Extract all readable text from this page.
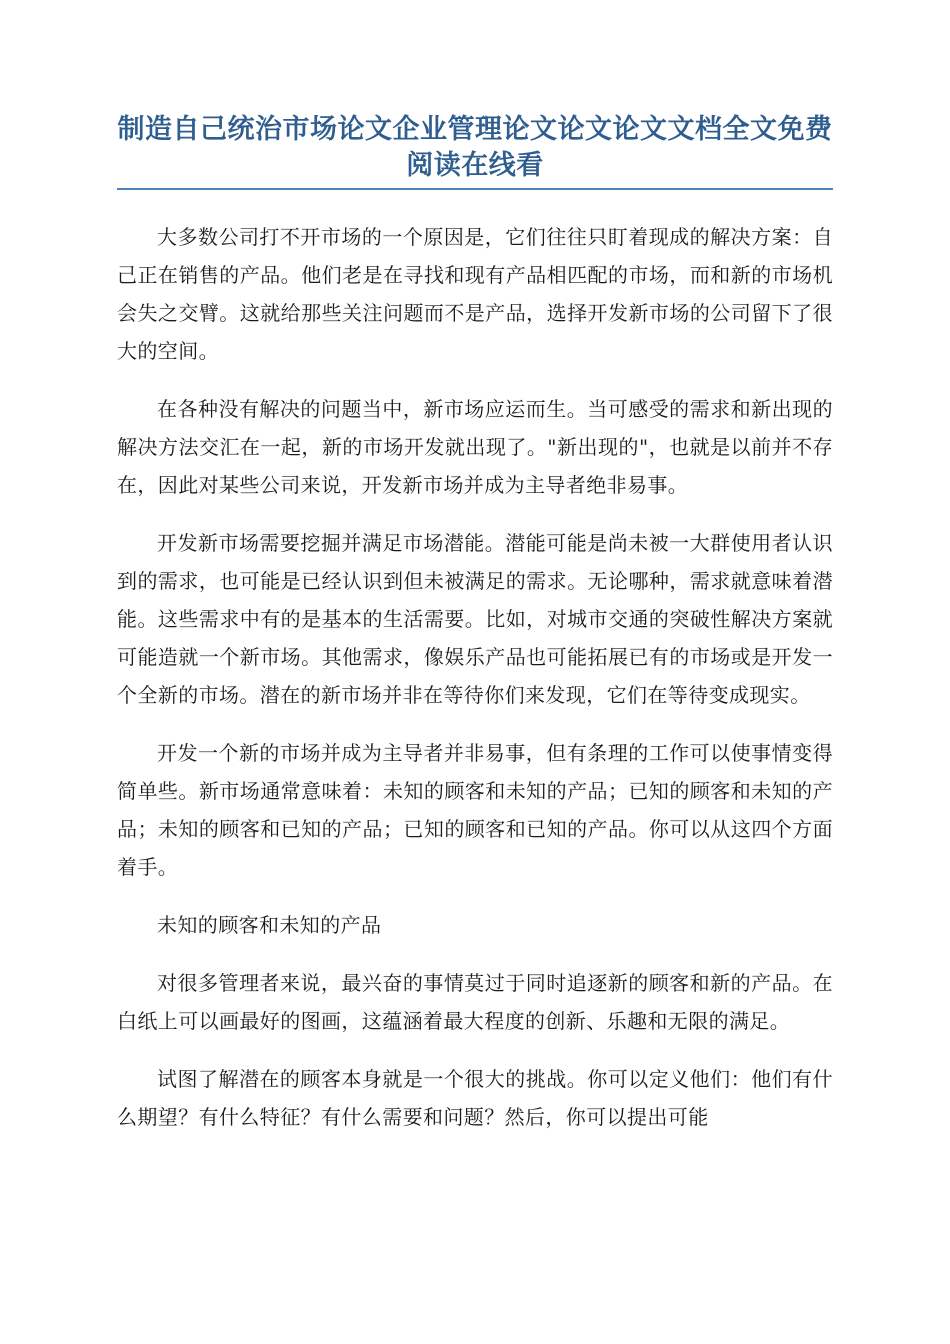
制造自己统治市场论文企业管理论文论文论文文档全文免费阅读在线看

大多数公司打不开市场的一个原因是，它们往往只盯着现成的解决方案：自己正在销售的产品。他们老是在寻找和现有产品相匹配的市场，而和新的市场机会失之交臂。这就给那些关注问题而不是产品，选择开发新市场的公司留下了很大的空间。

在各种没有解决的问题当中，新市场应运而生。当可感受的需求和新出现的解决方法交汇在一起，新的市场开发就出现了。"新出现的"，也就是以前并不存在，因此对某些公司来说，开发新市场并成为主导者绝非易事。

开发新市场需要挖掘并满足市场潜能。潜能可能是尚未被一大群使用者认识到的需求，也可能是已经认识到但未被满足的需求。无论哪种，需求就意味着潜能。这些需求中有的是基本的生活需要。比如，对城市交通的突破性解决方案就可能造就一个新市场。其他需求，像娱乐产品也可能拓展已有的市场或是开发一个全新的市场。潜在的新市场并非在等待你们来发现，它们在等待变成现实。

开发一个新的市场并成为主导者并非易事，但有条理的工作可以使事情变得简单些。新市场通常意味着：未知的顾客和未知的产品；已知的顾客和未知的产品；未知的顾客和已知的产品；已知的顾客和已知的产品。你可以从这四个方面着手。

未知的顾客和未知的产品

对很多管理者来说，最兴奋的事情莫过于同时追逐新的顾客和新的产品。在白纸上可以画最好的图画，这蕴涵着最大程度的创新、乐趣和无限的满足。

试图了解潜在的顾客本身就是一个很大的挑战。你可以定义他们：他们有什么期望？有什么特征？有什么需要和问题？然后，你可以提出可能
